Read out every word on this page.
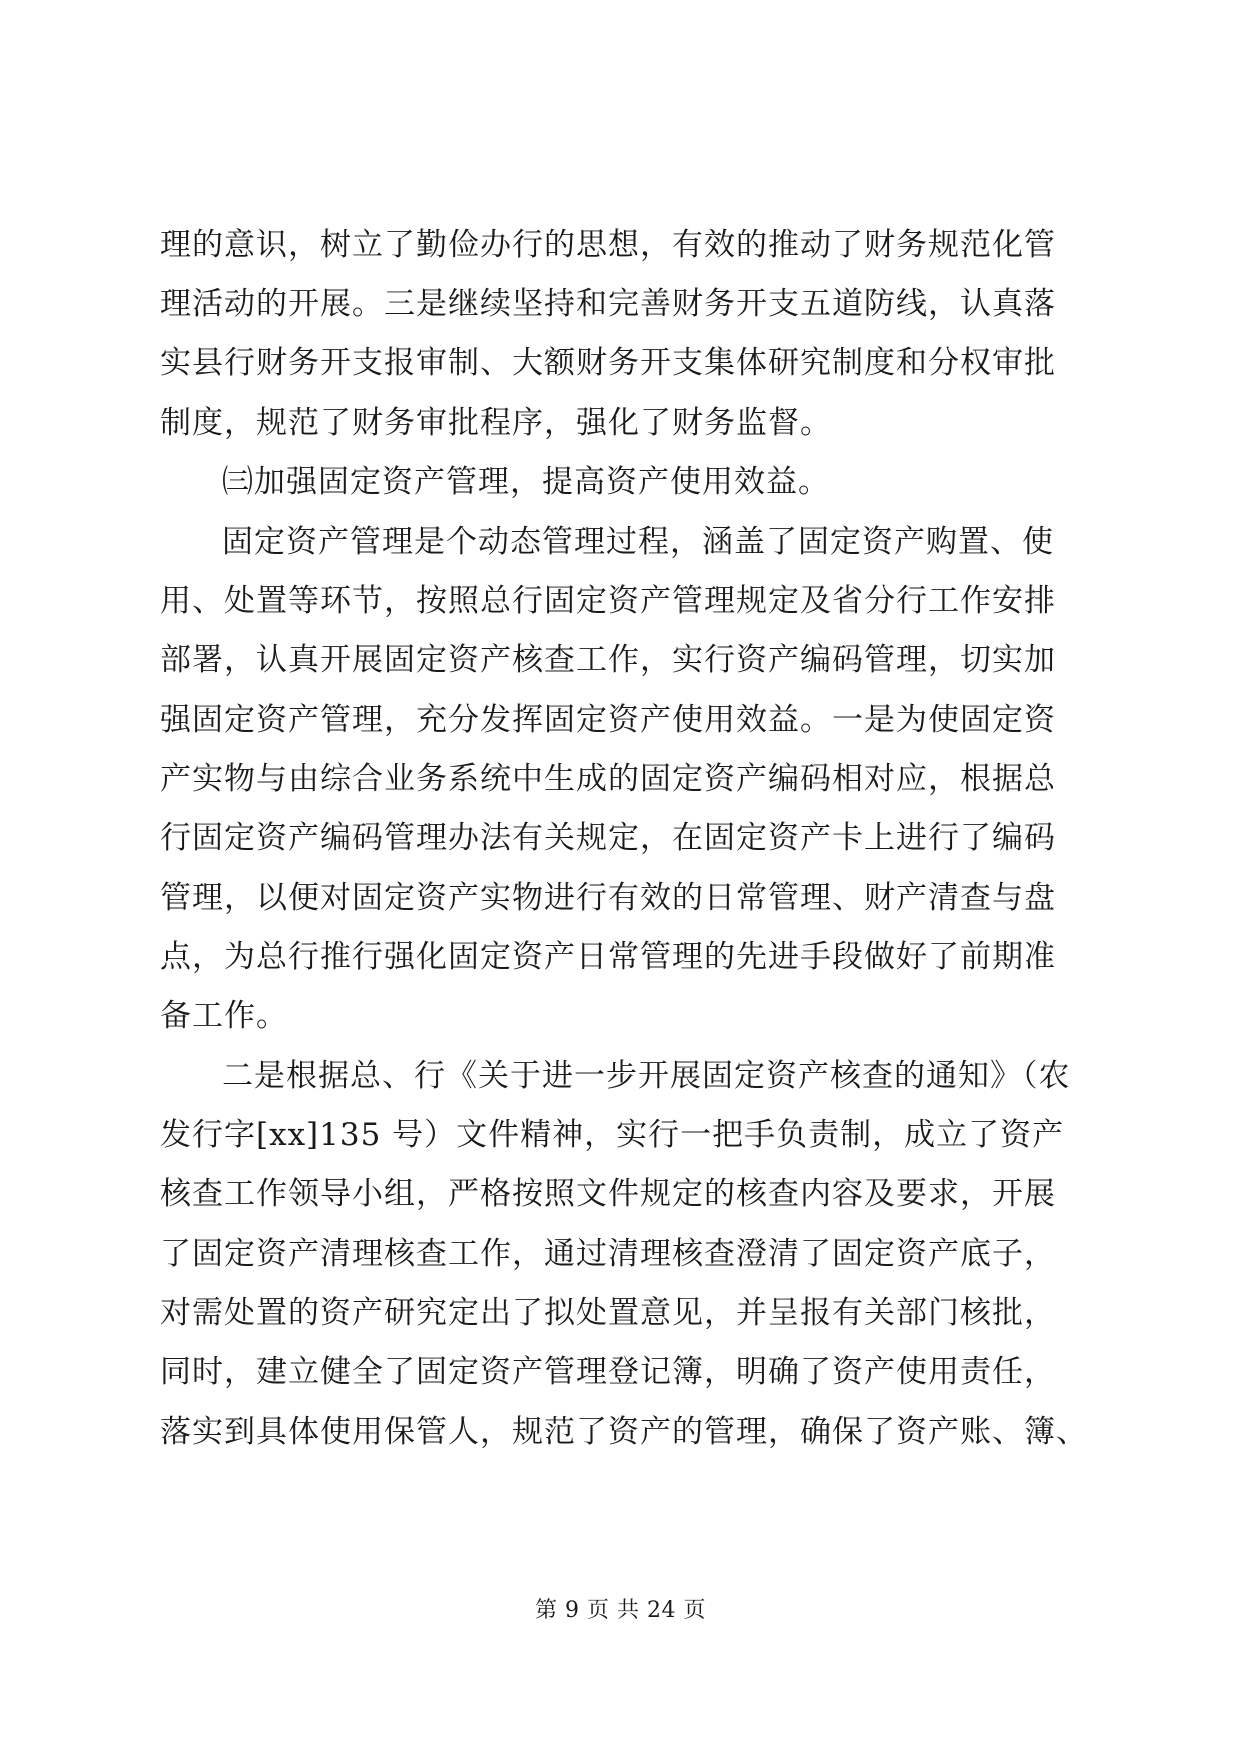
理的意识，树立了勤俭办行的思想，有效的推动了财务规范化管
理活动的开展。三是继续坚持和完善财务开支五道防线，认真落
实县行财务开支报审制、大额财务开支集体研究制度和分权审批
制度，规范了财务审批程序，强化了财务监督。
㈢加强固定资产管理，提高资产使用效益。
固定资产管理是个动态管理过程，涵盖了固定资产购置、使
用、处置等环节，按照总行固定资产管理规定及省分行工作安排
部署，认真开展固定资产核查工作，实行资产编码管理，切实加
强固定资产管理，充分发挥固定资产使用效益。一是为使固定资
产实物与由综合业务系统中生成的固定资产编码相对应，根据总
行固定资产编码管理办法有关规定，在固定资产卡上进行了编码
管理，以便对固定资产实物进行有效的日常管理、财产清查与盘
点，为总行推行强化固定资产日常管理的先进手段做好了前期准
备工作。
二是根据总、行《关于进一步开展固定资产核查的通知》（农
发行字[xx]135 号）文件精神，实行一把手负责制，成立了资产
核查工作领导小组，严格按照文件规定的核查内容及要求，开展
了固定资产清理核查工作，通过清理核查澄清了固定资产底子，
对需处置的资产研究定出了拟处置意见，并呈报有关部门核批，
同时，建立健全了固定资产管理登记簿，明确了资产使用责任，
落实到具体使用保管人，规范了资产的管理，确保了资产账、簿、
第 9 页 共 24 页
